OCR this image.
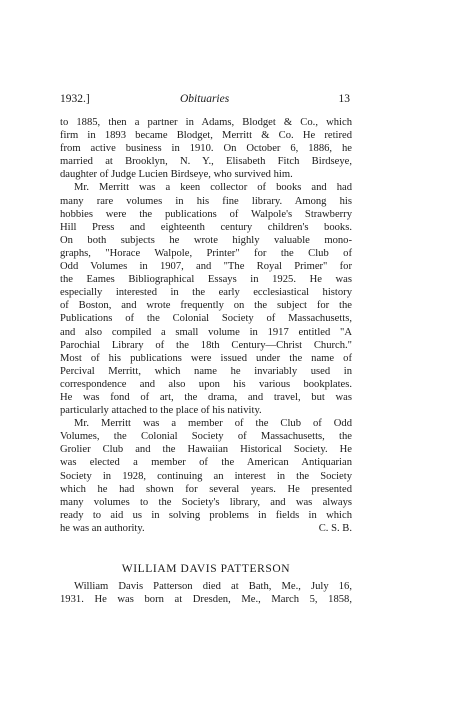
1932.]	Obituaries	13
to 1885, then a partner in Adams, Blodget & Co., which
firm in 1893 became Blodget, Merritt & Co. He retired
from active business in 1910. On October 6, 1886, he
married at Brooklyn, N. Y., Elisabeth Fitch Birdseye,
daughter of Judge Lucien Birdseye, who survived him.
Mr. Merritt was a keen collector of books and had
many rare volumes in his fine library. Among his
hobbies were the publications of Walpole's Strawberry
Hill Press and eighteenth century children's books.
On both subjects he wrote highly valuable mono-
graphs, "Horace Walpole, Printer" for the Club of
Odd Volumes in 1907, and "The Royal Primer" for
the Eames Bibliographical Essays in 1925. He was
especially interested in the early ecclesiastical history
of Boston, and wrote frequently on the subject for the
Publications of the Colonial Society of Massachusetts,
and also compiled a small volume in 1917 entitled "A
Parochial Library of the 18th Century—Christ Church."
Most of his publications were issued under the name of
Percival Merritt, which name he invariably used in
correspondence and also upon his various bookplates.
He was fond of art, the drama, and travel, but was
particularly attached to the place of his nativity.
Mr. Merritt was a member of the Club of Odd
Volumes, the Colonial Society of Massachusetts, the
Grolier Club and the Hawaiian Historical Society. He
was elected a member of the American Antiquarian
Society in 1928, continuing an interest in the Society
which he had shown for several years. He presented
many volumes to the Society's library, and was always
ready to aid us in solving problems in fields in which
he was an authority.	C. S. B.
WILLIAM DAVIS PATTERSON
William Davis Patterson died at Bath, Me., July 16,
1931. He was born at Dresden, Me., March 5, 1858,
